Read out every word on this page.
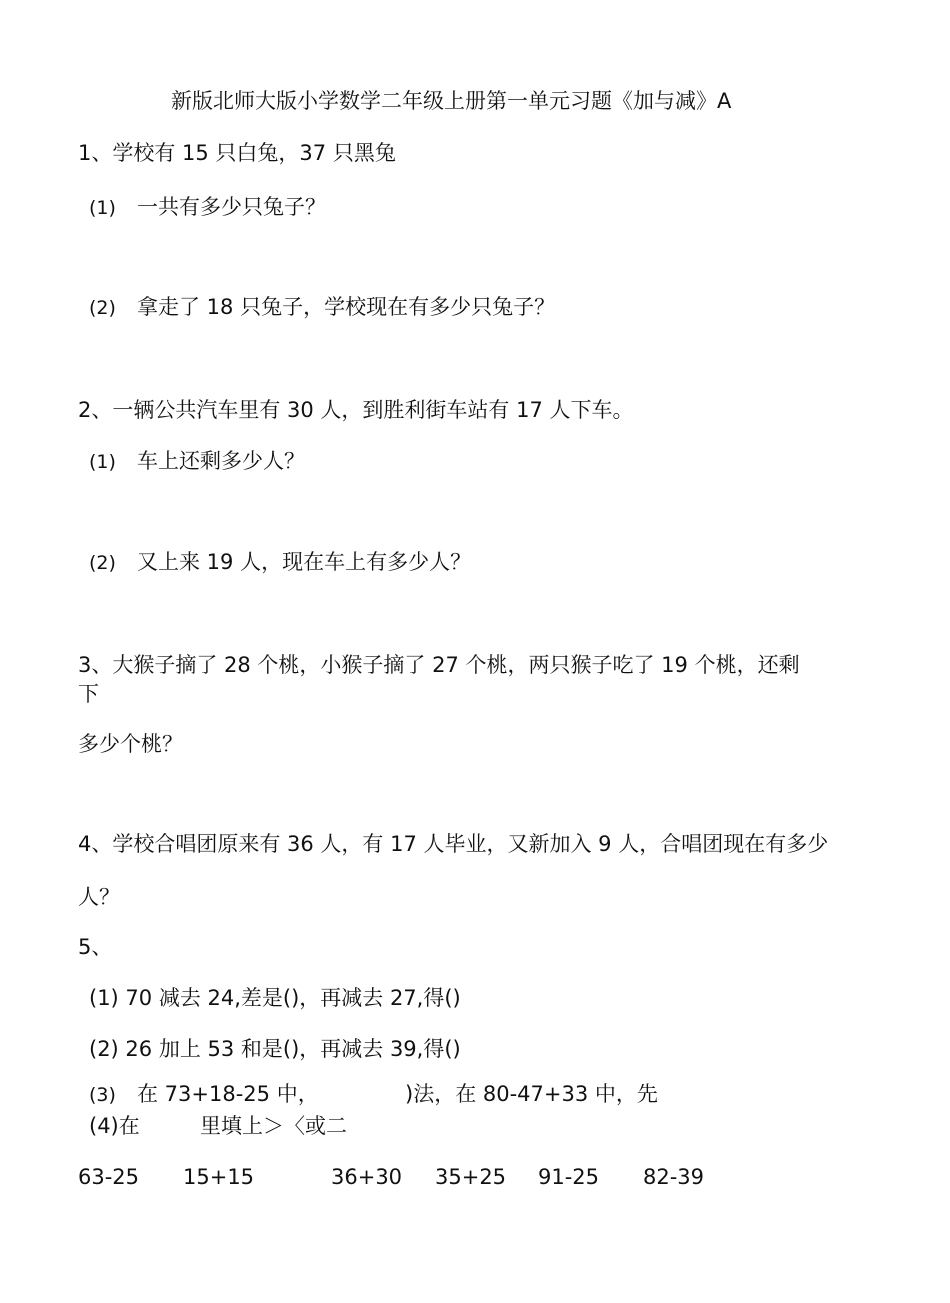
新版北师大版小学数学二年级上册第一单元习题《加与减》A
1、学校有 15 只白兔，37 只黑兔
(1) 一共有多少只兔子？
(2) 拿走了 18 只兔子，学校现在有多少只兔子？
2、一辆公共汽车里有 30 人，到胜利街车站有 17 人下车。
(1) 车上还剩多少人？
(2) 又上来 19 人，现在车上有多少人？
3、大猴子摘了 28 个桃，小猴子摘了 27 个桃，两只猴子吃了 19 个桃，还剩
下
多少个桃？
4、学校合唱团原来有 36 人，有 17 人毕业，又新加入 9 人，合唱团现在有多少
人？
5、
(1) 70 减去 24,差是()，再减去 27,得()
(2) 26 加上 53 和是()，再减去 39,得()
(3) 在 73+18-25 中，	)法，在 80-47+33 中，先
(4)在	里填上＞〈或二
63-25 15+15	36+30 35+25 91-25 82-39
